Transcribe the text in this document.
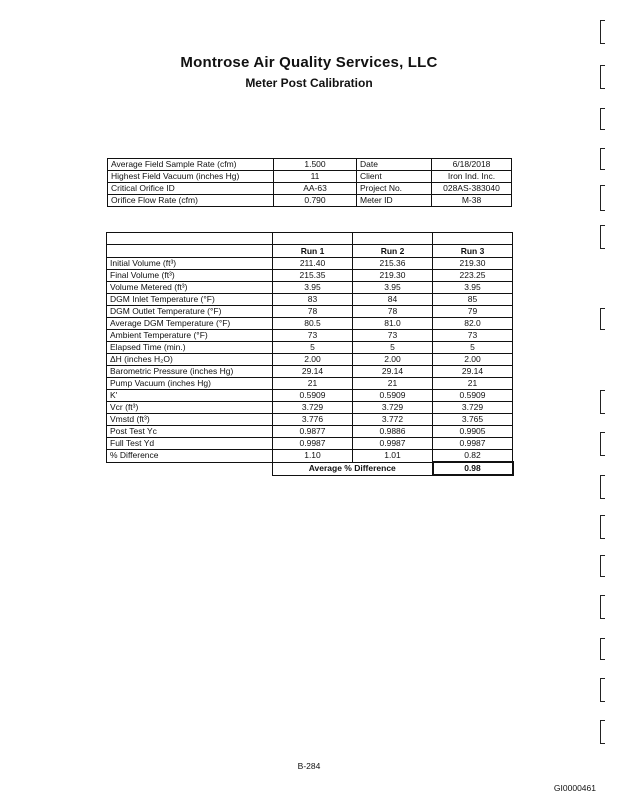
Montrose Air Quality Services, LLC
Meter Post Calibration
Average Field Sample Rate (cfm)	1.500	Date	6/18/2018
Highest Field Vacuum (inches Hg)	11	Client	Iron Ind. Inc.
Critical Orifice ID	AA-63	Project No.	028AS-383040
Orifice Flow Rate (cfm)	0.790	Meter ID	M-38

	Run 1	Run 2	Run 3
Initial Volume (ft³)	211.40	215.36	219.30
Final Volume (ft³)	215.35	219.30	223.25
Volume Metered (ft³)	3.95	3.95	3.95
DGM Inlet Temperature (°F)	83	84	85
DGM Outlet Temperature (°F)	78	78	79
Average DGM Temperature (°F)	80.5	81.0	82.0
Ambient Temperature (°F)	73	73	73
Elapsed Time (min.)	5	5	5
ΔH (inches H₂O)	2.00	2.00	2.00
Barometric Pressure (inches Hg)	29.14	29.14	29.14
Pump Vacuum (inches Hg)	21	21	21
K'	0.5909	0.5909	0.5909
Vcr (ft³)	3.729	3.729	3.729
Vmstd (ft³)	3.776	3.772	3.765
Post Test Yc	0.9877	0.9886	0.9905
Full Test Yd	0.9987	0.9987	0.9987
% Difference	1.10	1.01	0.82
	Average % Difference		0.98
B-284
GI0000461
